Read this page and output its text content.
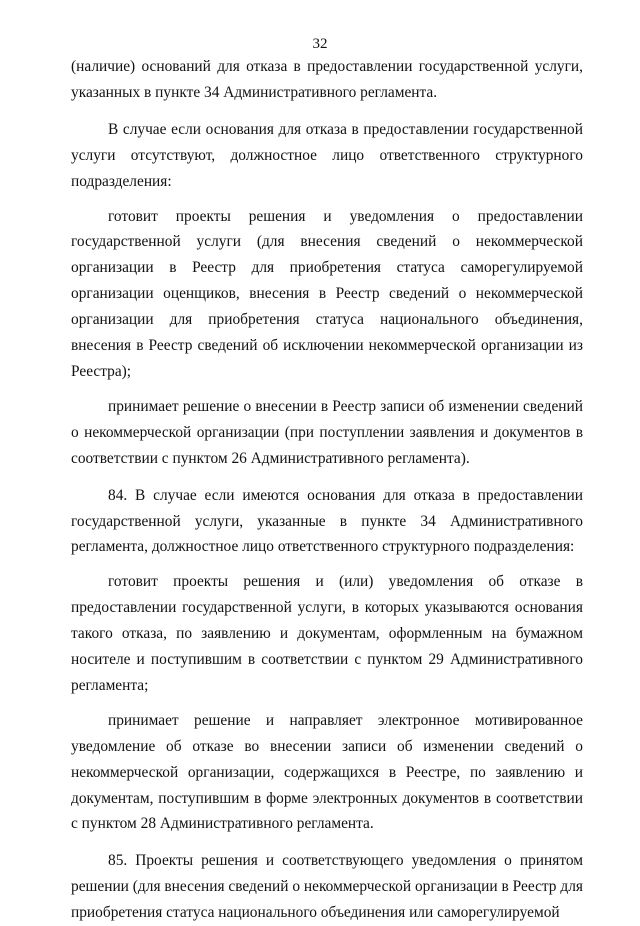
32

(наличие) оснований для отказа в предоставлении государственной услуги, указанных в пункте 34 Административного регламента.

В случае если основания для отказа в предоставлении государственной услуги отсутствуют, должностное лицо ответственного структурного подразделения:

готовит проекты решения и уведомления о предоставлении государственной услуги (для внесения сведений о некоммерческой организации в Реестр для приобретения статуса саморегулируемой организации оценщиков, внесения в Реестр сведений о некоммерческой организации для приобретения статуса национального объединения, внесения в Реестр сведений об исключении некоммерческой организации из Реестра);

принимает решение о внесении в Реестр записи об изменении сведений о некоммерческой организации (при поступлении заявления и документов в соответствии с пунктом 26 Административного регламента).

84. В случае если имеются основания для отказа в предоставлении государственной услуги, указанные в пункте 34 Административного регламента, должностное лицо ответственного структурного подразделения:

готовит проекты решения и (или) уведомления об отказе в предоставлении государственной услуги, в которых указываются основания такого отказа, по заявлению и документам, оформленным на бумажном носителе и поступившим в соответствии с пунктом 29 Административного регламента;

принимает решение и направляет электронное мотивированное уведомление об отказе во внесении записи об изменении сведений о некоммерческой организации, содержащихся в Реестре, по заявлению и документам, поступившим в форме электронных документов в соответствии с пунктом 28 Административного регламента.

85. Проекты решения и соответствующего уведомления о принятом решении (для внесения сведений о некоммерческой организации в Реестр для приобретения статуса национального объединения или саморегулируемой
